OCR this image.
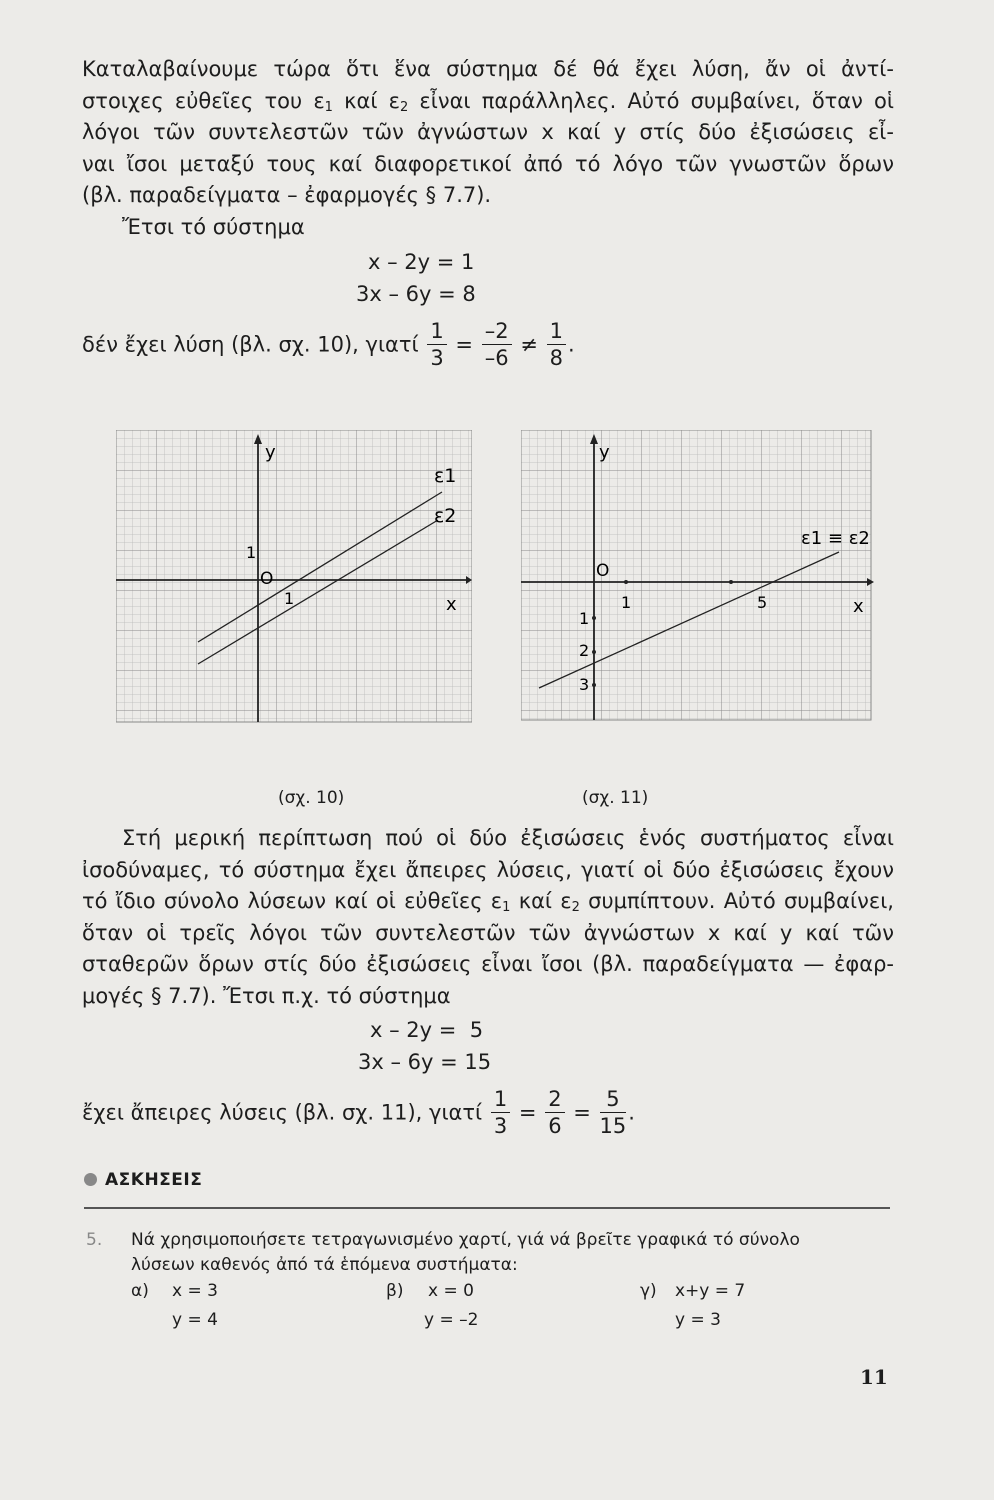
Καταλαβαίνουμε τώρα ὅτι ἕνα σύστημα δέ θά ἔχει λύση, ἄν οἱ ἀντί-
στοιχες εὐθεῖες του $\varepsilon_1$ καί $\varepsilon_2$ εἶναι παράλληλες. Αὐτό συμβαίνει, ὅταν οἱ
λόγοι τῶν συντελεστῶν τῶν ἀγνώστων x καί y στίς δύο ἐξισώσεις εἶ-
ναι ἴσοι μεταξύ τους καί διαφορετικοί ἀπό τό λόγο τῶν γνωστῶν ὅρων
(βλ. παραδείγματα – ἐφαρμογές § 7.7).
Ἔτσι τό σύστημα
x – 2y = 1
3x – 6y = 8
δέν ἔχει λύση (βλ. σχ. 10), γιατί $\frac{1}{3} = \frac{-2}{-6} \ne \frac{1}{8}$ .
y
x
O
1
1
ε1
ε2
(σχ. 10)
y
x
O
1	5
1
2
3
ε1 ≡ ε2
(σχ. 11)
Στή μερική περίπτωση πού οἱ δύο ἐξισώσεις ἑνός συστήματος εἶναι
ἰσοδύναμες, τό σύστημα ἔχει ἄπειρες λύσεις, γιατί οἱ δύο ἐξισώσεις ἔχουν
τό ἴδιο σύνολο λύσεων καί οἱ εὐθεῖες $\varepsilon_1$ καί $\varepsilon_2$ συμπίπτουν. Αὐτό συμβαίνει,
ὅταν οἱ τρεῖς λόγοι τῶν συντελεστῶν τῶν ἀγνώστων x καί y καί τῶν
σταθερῶν ὅρων στίς δύο ἐξισώσεις εἶναι ἴσοι (βλ. παραδείγματα — ἐφαρ-
μογές § 7.7). Ἔτσι π.χ. τό σύστημα
x – 2y =  5
3x – 6y = 15
ἔχει ἄπειρες λύσεις (βλ. σχ. 11), γιατί $\frac{1}{3} = \frac{2}{6} = \frac{5}{15}$ .
ΑΣΚΗΣΕΙΣ
5. Νά χρησιμοποιήσετε τετραγωνισμένο χαρτί, γιά νά βρεῖτε γραφικά τό σύνολο
λύσεων καθενός ἀπό τά ἑπόμενα συστήματα:
α) x = 3
y = 4
β) x = 0
y = –2
γ) x+y = 7
y = 3
11
